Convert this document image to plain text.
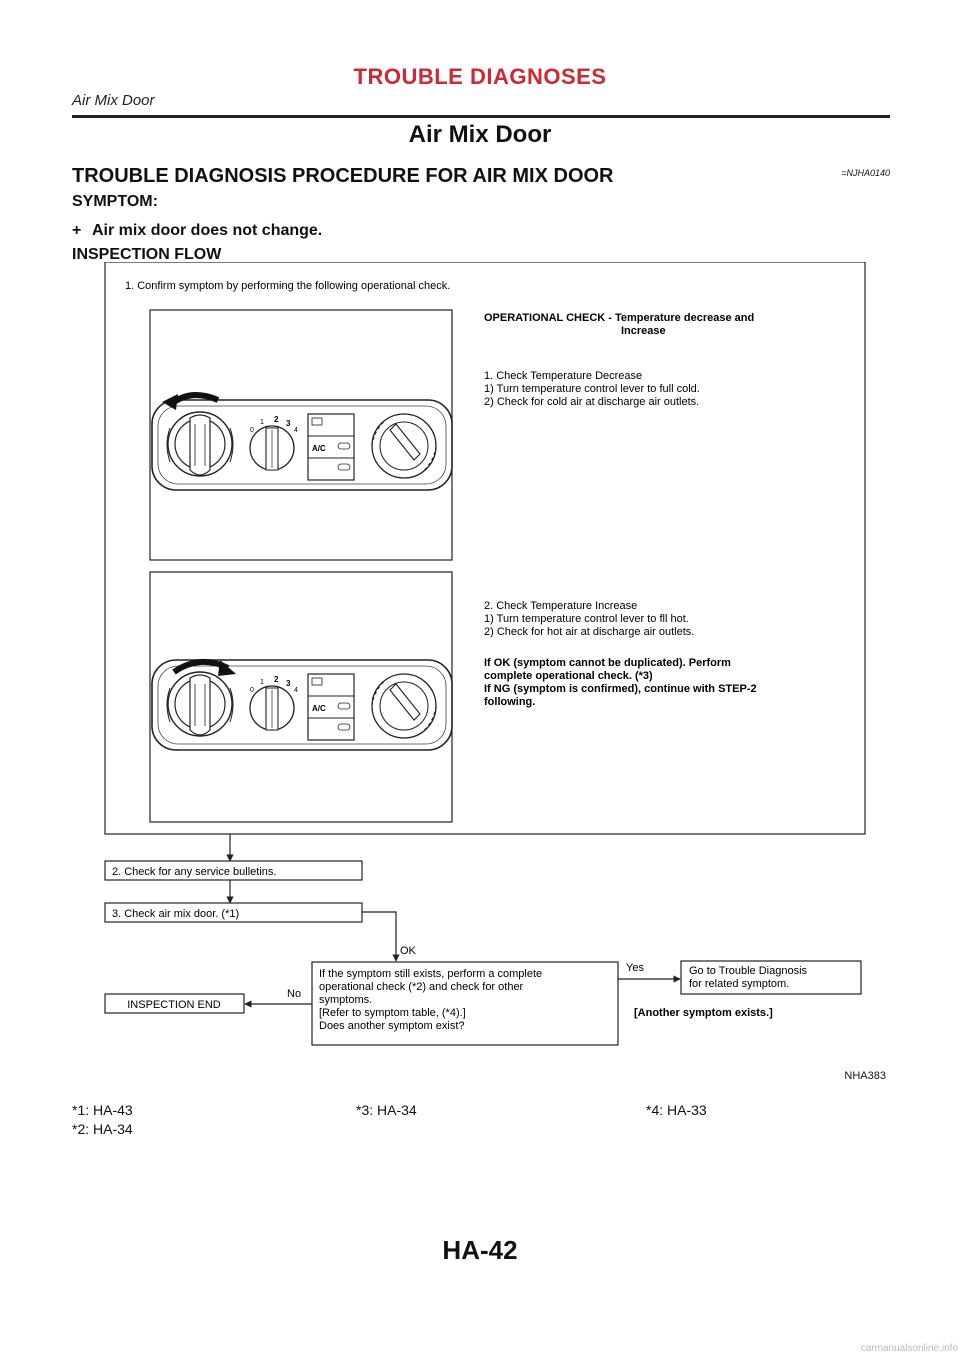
TROUBLE DIAGNOSES
Air Mix Door
Air Mix Door
TROUBLE DIAGNOSIS PROCEDURE FOR AIR MIX DOOR	=NJHA0140
SYMPTOM:
+ Air mix door does not change.
INSPECTION FLOW
1. Confirm symptom by performing the following operational check.
0
1 2 3
4
A/C
0
1 2 3
4
A/C
OPERATIONAL CHECK - Temperature decrease and
Increase
1. Check Temperature Decrease
1) Turn temperature control lever to full cold.
2) Check for cold air at discharge air outlets.
2. Check Temperature Increase
1) Turn temperature control lever to fll hot.
2) Check for hot air at discharge air outlets.
If OK (symptom cannot be duplicated). Perform
complete operational check. (*3)
If NG (symptom is confirmed), continue with STEP-2
following.
2. Check for any service bulletins.
3. Check air mix door. (*1)
OK
If the symptom still exists, perform a complete
operational check (*2) and check for other
symptoms.
[Refer to symptom table, (*4).]
Does another symptom exist?
No
INSPECTION END
Yes	Go to Trouble Diagnosis
for related symptom.
[Another symptom exists.]
NHA383
*1: HA-43
*2: HA-34
*3: HA-34	*4: HA-33
HA-42
carmanualsonline.info
